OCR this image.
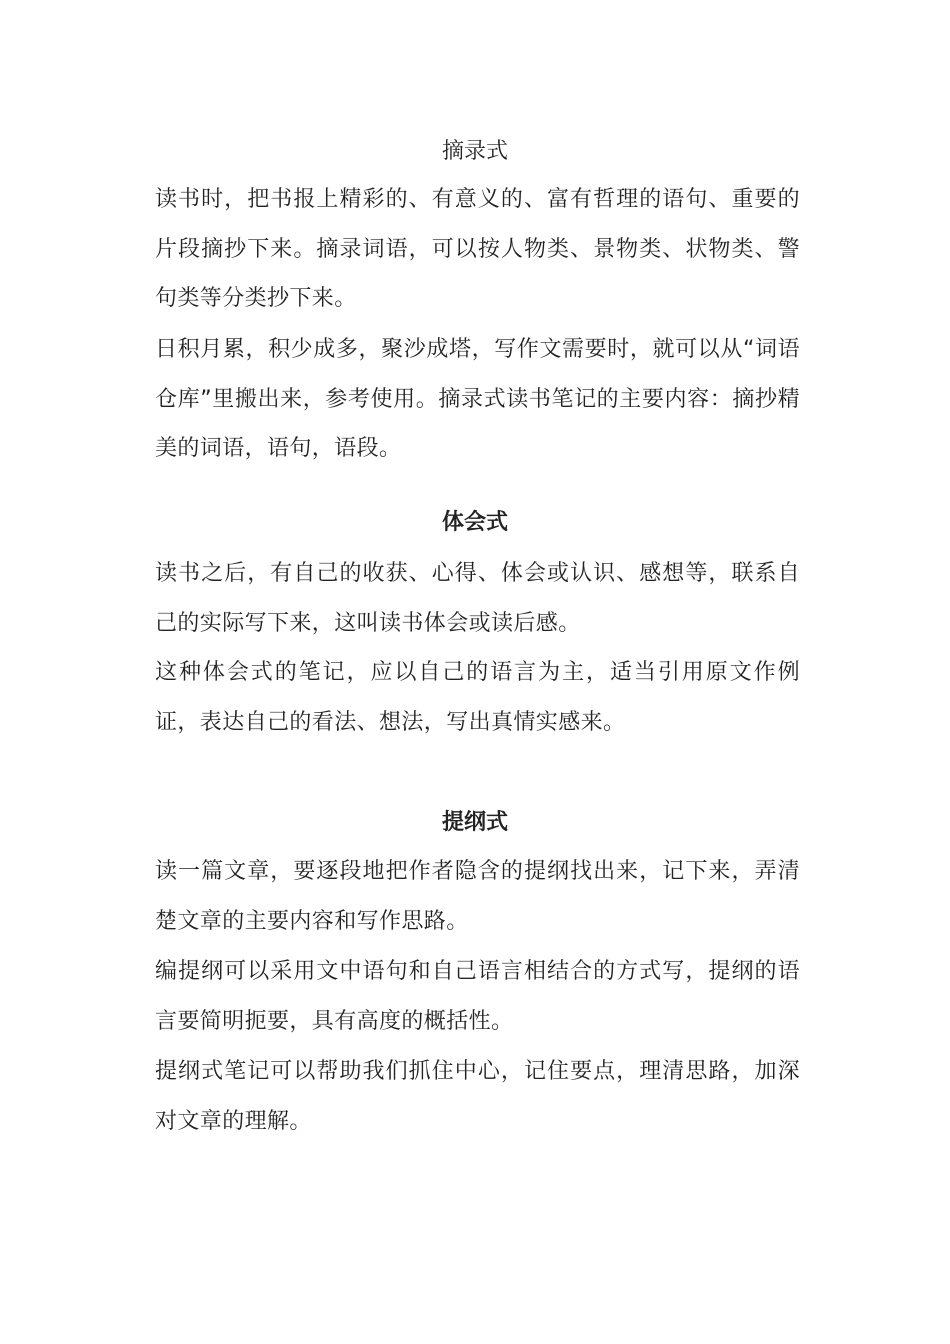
摘录式
读书时，把书报上精彩的、有意义的、富有哲理的语句、重要的片段摘抄下来。摘录词语，可以按人物类、景物类、状物类、警句类等分类抄下来。
日积月累，积少成多，聚沙成塔，写作文需要时，就可以从“词语仓库”里搬出来，参考使用。摘录式读书笔记的主要内容：摘抄精美的词语，语句，语段。
体会式
读书之后，有自己的收获、心得、体会或认识、感想等，联系自己的实际写下来，这叫读书体会或读后感。
这种体会式的笔记，应以自己的语言为主，适当引用原文作例证，表达自己的看法、想法，写出真情实感来。
提纲式
读一篇文章，要逐段地把作者隐含的提纲找出来，记下来，弄清楚文章的主要内容和写作思路。
编提纲可以采用文中语句和自己语言相结合的方式写，提纲的语言要简明扼要，具有高度的概括性。
提纲式笔记可以帮助我们抓住中心，记住要点，理清思路，加深对文章的理解。
